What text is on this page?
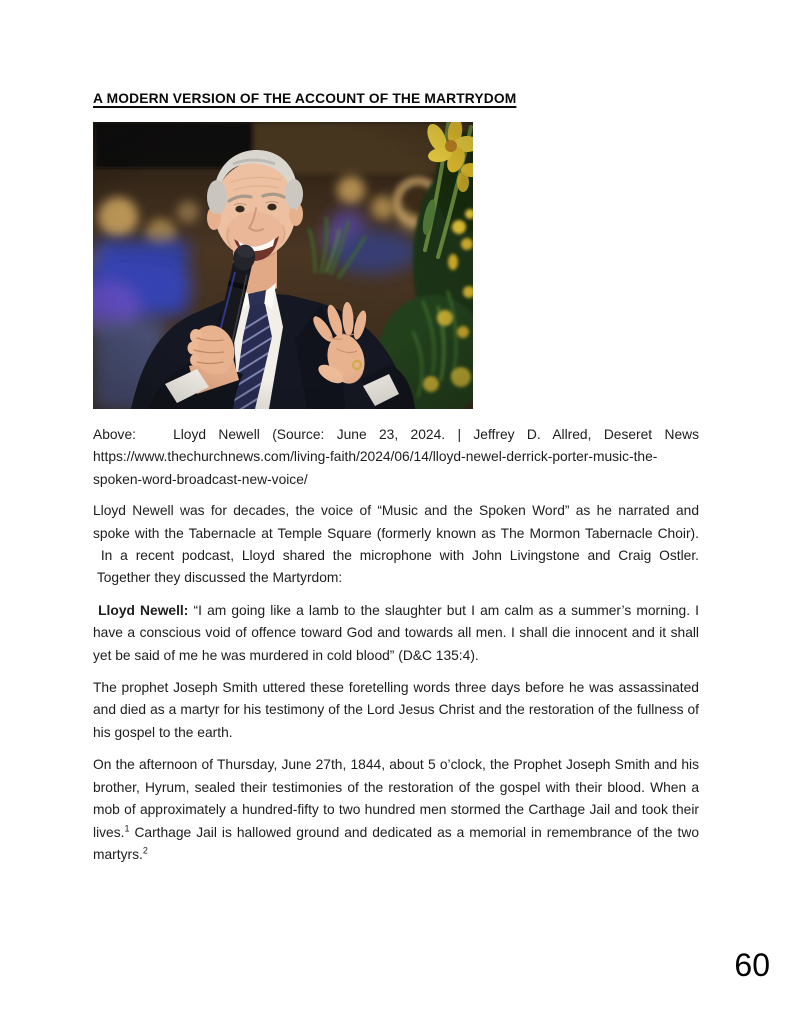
A MODERN VERSION OF THE ACCOUNT OF THE MARTRYDOM

Above:   Lloyd Newell (Source: June 23, 2024. | Jeffrey D. Allred, Deseret News https://www.thechurchnews.com/living-faith/2024/06/14/lloyd-newel-derrick-porter-music-the-spoken-word-broadcast-new-voice/

Lloyd Newell was for decades, the voice of “Music and the Spoken Word” as he narrated and spoke with the Tabernacle at Temple Square (formerly known as The Mormon Tabernacle Choir).  In a recent podcast, Lloyd shared the microphone with John Livingstone and Craig Ostler.  Together they discussed the Martyrdom:

Lloyd Newell: “I am going like a lamb to the slaughter but I am calm as a summer’s morning. I have a conscious void of offence toward God and towards all men. I shall die innocent and it shall yet be said of me he was murdered in cold blood” (D&C 135:4).

The prophet Joseph Smith uttered these foretelling words three days before he was assassinated and died as a martyr for his testimony of the Lord Jesus Christ and the restoration of the fullness of his gospel to the earth.

On the afternoon of Thursday, June 27th, 1844, about 5 o’clock, the Prophet Joseph Smith and his brother, Hyrum, sealed their testimonies of the restoration of the gospel with their blood. When a mob of approximately a hundred-fifty to two hundred men stormed the Carthage Jail and took their lives.$^1$ Carthage Jail is hallowed ground and dedicated as a memorial in remembrance of the two martyrs.$^2$

60
